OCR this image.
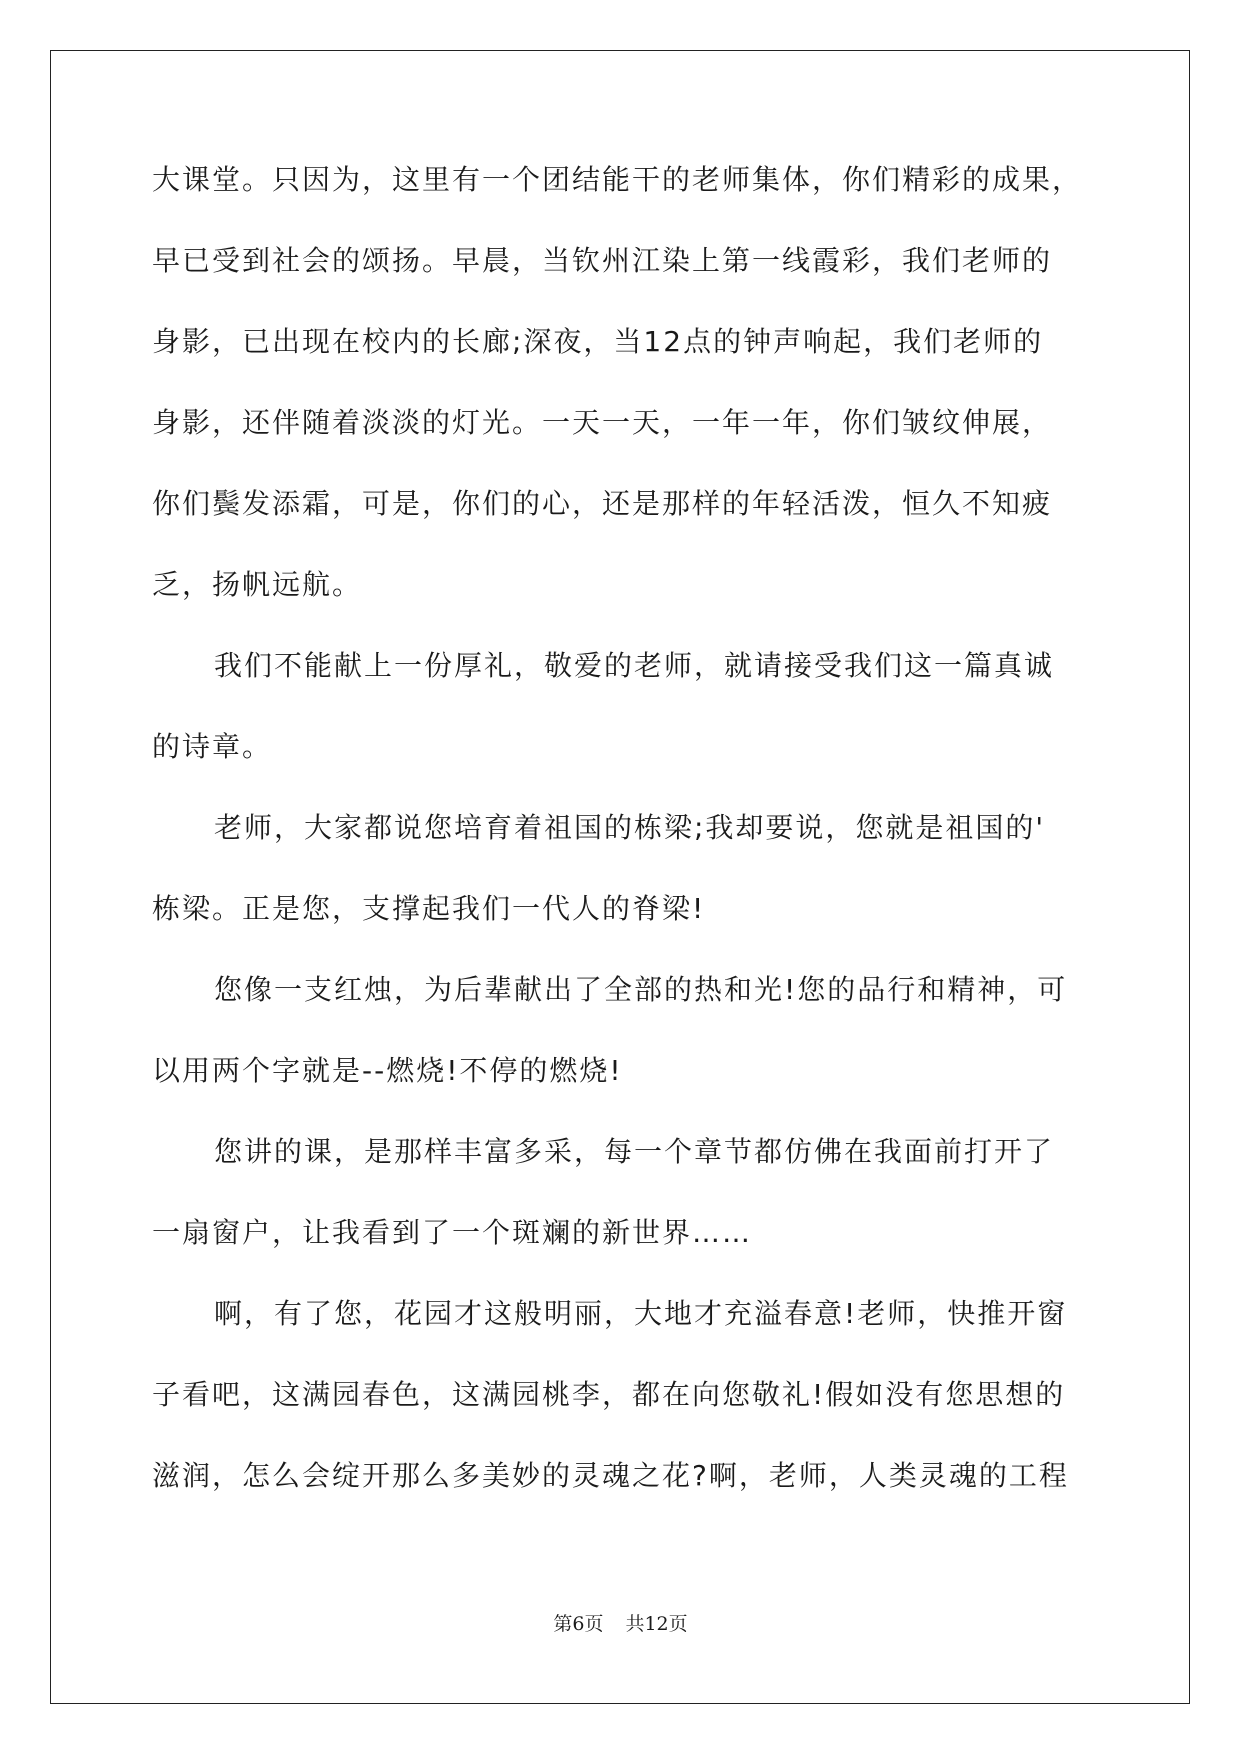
大课堂。只因为，这里有一个团结能干的老师集体，你们精彩的成果，
早已受到社会的颂扬。早晨，当钦州江染上第一线霞彩，我们老师的
身影，已出现在校内的长廊;深夜，当12点的钟声响起，我们老师的
身影，还伴随着淡淡的灯光。一天一天，一年一年，你们皱纹伸展，
你们鬓发添霜，可是，你们的心，还是那样的年轻活泼，恒久不知疲
乏，扬帆远航。
我们不能献上一份厚礼，敬爱的老师，就请接受我们这一篇真诚
的诗章。
老师，大家都说您培育着祖国的栋梁;我却要说，您就是祖国的'
栋梁。正是您，支撑起我们一代人的脊梁!
您像一支红烛，为后辈献出了全部的热和光!您的品行和精神，可
以用两个字就是--燃烧!不停的燃烧!
您讲的课，是那样丰富多采，每一个章节都仿佛在我面前打开了
一扇窗户，让我看到了一个斑斓的新世界……
啊，有了您，花园才这般明丽，大地才充溢春意!老师，快推开窗
子看吧，这满园春色，这满园桃李，都在向您敬礼!假如没有您思想的
滋润，怎么会绽开那么多美妙的灵魂之花?啊，老师，人类灵魂的工程
第6页 共12页
